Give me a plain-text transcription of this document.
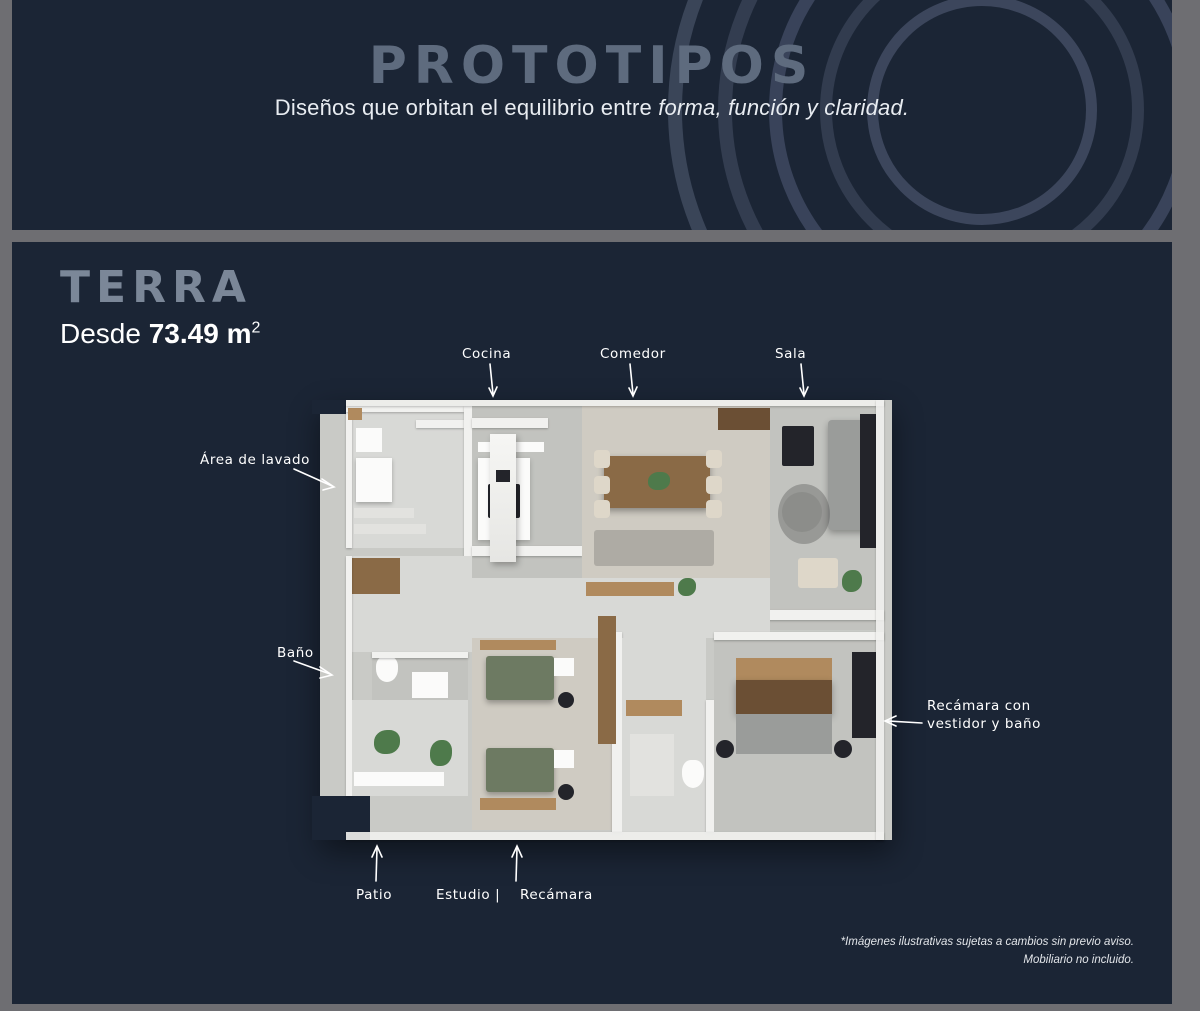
PROTOTIPOS
Diseños que orbitan el equilibrio entre forma, función y claridad.
TERRA
Desde 73.49 $m^2$
Cocina	Comedor	Sala
Área de lavado
Baño
Recámara con vestidor y baño
Patio	Estudio | Recámara
*Imágenes ilustrativas sujetas a cambios sin previo aviso.
Mobiliario no incluido.
